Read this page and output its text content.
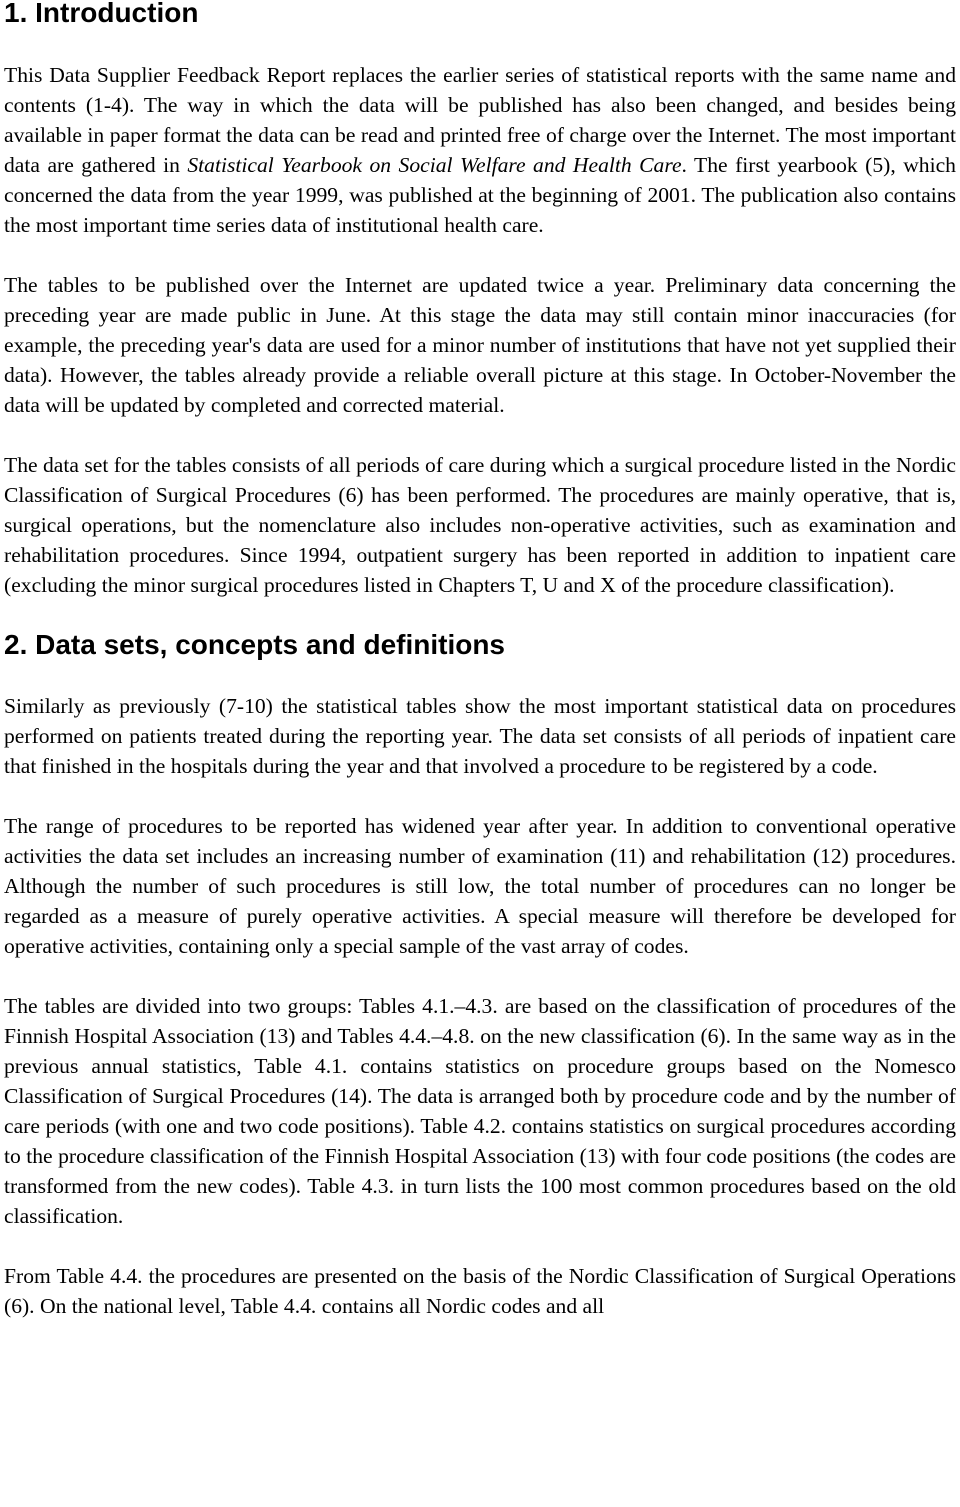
1. Introduction

This Data Supplier Feedback Report replaces the earlier series of statistical reports with the same name and contents (1-4). The way in which the data will be published has also been changed, and besides being available in paper format the data can be read and printed free of charge over the Internet. The most important data are gathered in Statistical Yearbook on Social Welfare and Health Care. The first yearbook (5), which concerned the data from the year 1999, was published at the beginning of 2001. The publication also contains the most important time series data of institutional health care.

The tables to be published over the Internet are updated twice a year. Preliminary data concerning the preceding year are made public in June. At this stage the data may still contain minor inaccuracies (for example, the preceding year's data are used for a minor number of institutions that have not yet supplied their data). However, the tables already provide a reliable overall picture at this stage. In October-November the data will be updated by completed and corrected material.

The data set for the tables consists of all periods of care during which a surgical procedure listed in the Nordic Classification of Surgical Procedures (6) has been performed. The procedures are mainly operative, that is, surgical operations, but the nomenclature also includes non-operative activities, such as examination and rehabilitation procedures. Since 1994, outpatient surgery has been reported in addition to inpatient care (excluding the minor surgical procedures listed in Chapters T, U and X of the procedure classification).

2. Data sets, concepts and definitions

Similarly as previously (7-10) the statistical tables show the most important statistical data on procedures performed on patients treated during the reporting year. The data set consists of all periods of inpatient care that finished in the hospitals during the year and that involved a procedure to be registered by a code.

The range of procedures to be reported has widened year after year. In addition to conventional operative activities the data set includes an increasing number of examination (11) and rehabilitation (12) procedures. Although the number of such procedures is still low, the total number of procedures can no longer be regarded as a measure of purely operative activities. A special measure will therefore be developed for operative activities, containing only a special sample of the vast array of codes.

The tables are divided into two groups: Tables 4.1.–4.3. are based on the classification of procedures of the Finnish Hospital Association (13) and Tables 4.4.–4.8. on the new classification (6). In the same way as in the previous annual statistics, Table 4.1. contains statistics on procedure groups based on the Nomesco Classification of Surgical Procedures (14). The data is arranged both by procedure code and by the number of care periods (with one and two code positions). Table 4.2. contains statistics on surgical procedures according to the procedure classification of the Finnish Hospital Association (13) with four code positions (the codes are transformed from the new codes). Table 4.3. in turn lists the 100 most common procedures based on the old classification.

From Table 4.4. the procedures are presented on the basis of the Nordic Classification of Surgical Operations (6). On the national level, Table 4.4. contains all Nordic codes and all
